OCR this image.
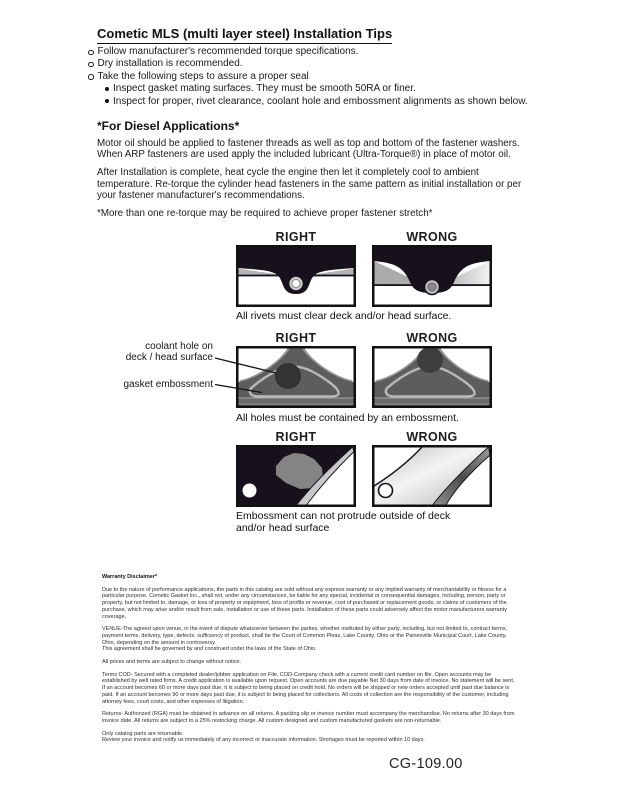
Cometic MLS (multi layer steel) Installation Tips
Follow manufacturer's recommended torque specifications.
Dry installation is recommended.
Take the following steps to assure a proper seal
Inspect gasket mating surfaces. They must be smooth 50RA or finer.
Inspect for proper, rivet clearance, coolant hole and embossment alignments as shown below.
*For Diesel Applications*

Motor oil should be applied to fastener threads as well as top and bottom of the fastener washers. When ARP fasteners are used apply the included lubricant (Ultra-Torque®) in place of motor oil.

After Installation is complete, heat cycle the engine then let it completely cool to ambient temperature. Re-torque the cylinder head fasteners in the same pattern as initial installation or per your fastener manufacturer's recommendations.

*More than one re-torque may be required to achieve proper fastener stretch*

RIGHT	WRONG
All rivets must clear deck and/or head surface.
coolant hole on
deck / head surface
gasket embossment
RIGHT	WRONG
All holes must be contained by an embossment.
RIGHT	WRONG
Embossment can not protrude outside of deck
and/or head surface
Warranty Disclaimer*

Due to the nature of performance applications, the parts in this catalog are sold without any express warranty or any implied warranty of merchantability or fitness for a particular purpose. Cometic Gasket Inc., shall not, under any circumstances, be liable for any special, incidental or consequential damages, including, person, party or property, but not limited to, damage, or loss of property or equipment, loss of profits or revenue, cost of purchased or replacement goods, or claims of customers of the purchase, which may arise and/or result from sale, installation or use of these parts. Installation of these parts could adversely affect the motor manufacturers warranty coverage.

VENUE-The agreed upon venue, in the event of dispute whatsoever between the parties, whether instituted by either party, including, but not limited to, contract terms, payment terms, delivery, type, defects, sufficiency of product, shall be the Court of Common Pleas, Lake County, Ohio or the Painesville Municipal Court, Lake County, Ohio, depending on the amount in controversy.

This agreement shall be governed by and construed under the laws of the State of Ohio.

All prices and terms are subject to change without notice.

Terms COD- Secured with a completed dealer/jobber application on File, COD-Company check with a current credit card number on file. Open accounts may be established by well rated firms. A credit application is available upon request. Open accounts are due payable Net 30 days from date of invoice. No statement will be sent. If an account becomes 60 or more days past due, it is subject to being placed on credit hold. No orders will be shipped or new orders accepted until past due balance is paid. If an account becomes 90 or more days past due, it is subject to being placed for collections. All costs of collection are the responsibility of the customer, including attorney fees, court costs, and other expenses of litigation.

Returns- Authorized (RGA) must be obtained in advance on all returns. A packing slip or invoice number must accompany the merchandise. No returns after 30 days from invoice date. All returns are subject to a 25% restocking charge. All custom designed and custom manufactured gaskets are non-returnable.

Only catalog parts are returnable.

Review your invoice and notify us immediately of any incorrect or inaccurate information. Shortages must be reported within 10 days.

CG-109.00
